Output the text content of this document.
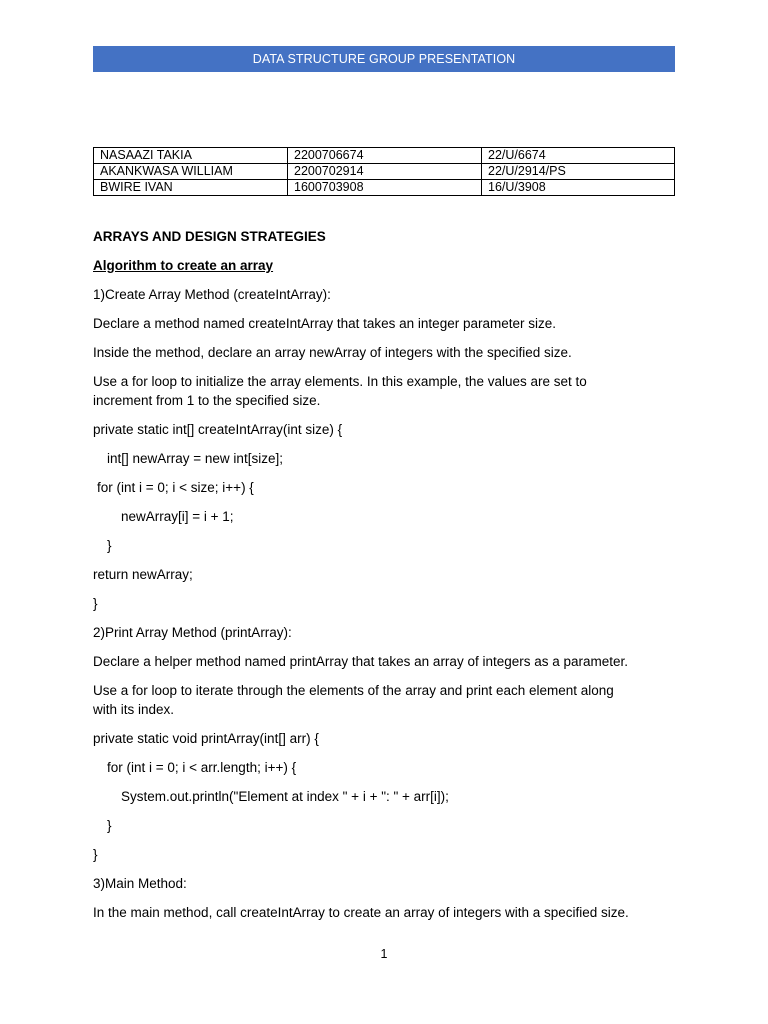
DATA STRUCTURE GROUP PRESENTATION
NASAAZI TAKIA	2200706674	22/U/6674
AKANKWASA WILLIAM	2200702914	22/U/2914/PS
BWIRE IVAN	1600703908	16/U/3908
ARRAYS AND DESIGN STRATEGIES
Algorithm to create an array
1)Create Array Method (createIntArray):
Declare a method named createIntArray that takes an integer parameter size.
Inside the method, declare an array newArray of integers with the specified size.
Use a for loop to initialize the array elements. In this example, the values are set to
increment from 1 to the specified size.
private static int[] createIntArray(int size) {
int[] newArray = new int[size];
for (int i = 0; i < size; i++) {
newArray[i] = i + 1;
}
return newArray;
}
2)Print Array Method (printArray):
Declare a helper method named printArray that takes an array of integers as a parameter.
Use a for loop to iterate through the elements of the array and print each element along
with its index.
private static void printArray(int[] arr) {
for (int i = 0; i < arr.length; i++) {
System.out.println("Element at index " + i + ": " + arr[i]);
}
}
3)Main Method:
In the main method, call createIntArray to create an array of integers with a specified size.
1
